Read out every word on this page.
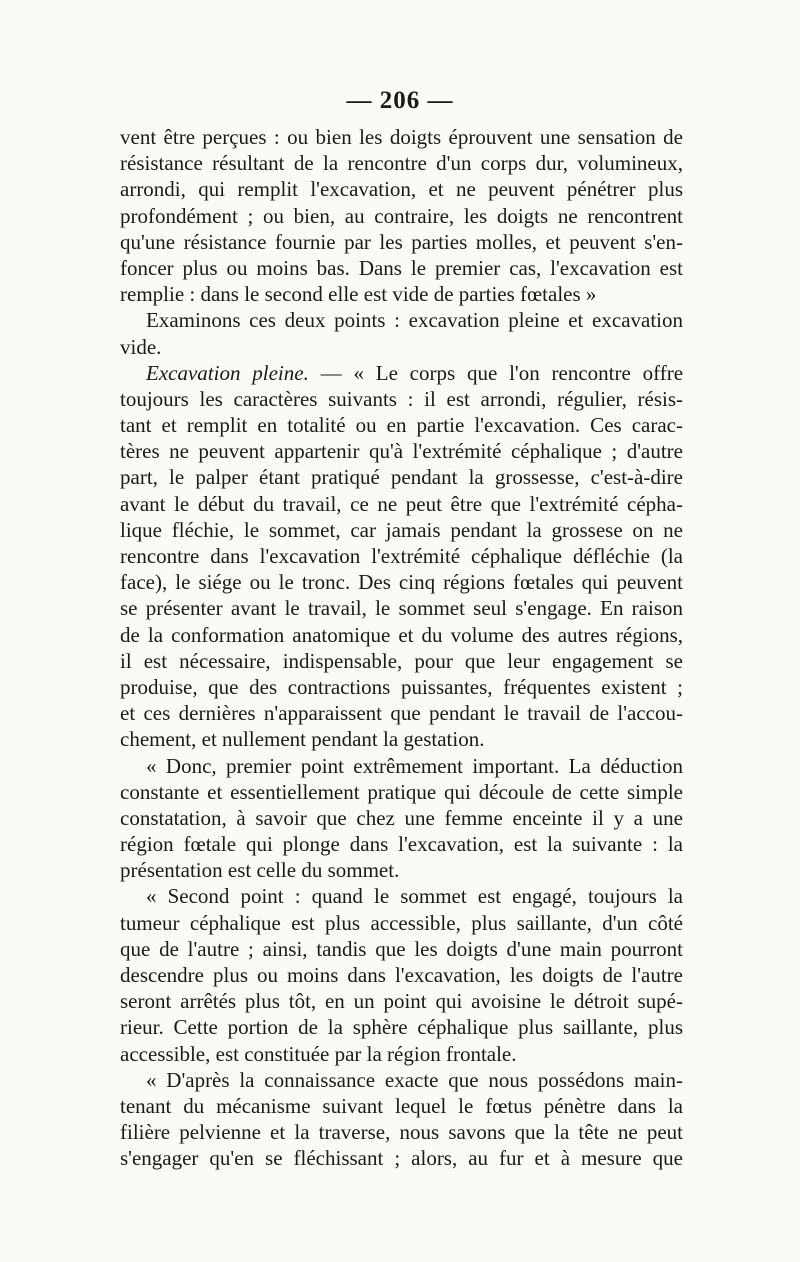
— 206 —
vent être perçues : ou bien les doigts éprouvent une sensation de
résistance résultant de la rencontre d'un corps dur, volumineux,
arrondi, qui remplit l'excavation, et ne peuvent pénétrer plus
profondément ; ou bien, au contraire, les doigts ne rencontrent
qu'une résistance fournie par les parties molles, et peuvent s'en-
foncer plus ou moins bas. Dans le premier cas, l'excavation est
remplie : dans le second elle est vide de parties fœtales »
Examinons ces deux points : excavation pleine et excavation
vide.
Excavation pleine. — « Le corps que l'on rencontre offre
toujours les caractères suivants : il est arrondi, régulier, résis-
tant et remplit en totalité ou en partie l'excavation. Ces carac-
tères ne peuvent appartenir qu'à l'extrémité céphalique ; d'autre
part, le palper étant pratiqué pendant la grossesse, c'est-à-dire
avant le début du travail, ce ne peut être que l'extrémité cépha-
lique fléchie, le sommet, car jamais pendant la grossese on ne
rencontre dans l'excavation l'extrémité céphalique défléchie (la
face), le siége ou le tronc. Des cinq régions fœtales qui peuvent
se présenter avant le travail, le sommet seul s'engage. En raison
de la conformation anatomique et du volume des autres régions,
il est nécessaire, indispensable, pour que leur engagement se
produise, que des contractions puissantes, fréquentes existent ;
et ces dernières n'apparaissent que pendant le travail de l'accou-
chement, et nullement pendant la gestation.
« Donc, premier point extrêmement important. La déduction
constante et essentiellement pratique qui découle de cette simple
constatation, à savoir que chez une femme enceinte il y a une
région fœtale qui plonge dans l'excavation, est la suivante : la
présentation est celle du sommet.
« Second point : quand le sommet est engagé, toujours la
tumeur céphalique est plus accessible, plus saillante, d'un côté
que de l'autre ; ainsi, tandis que les doigts d'une main pourront
descendre plus ou moins dans l'excavation, les doigts de l'autre
seront arrêtés plus tôt, en un point qui avoisine le détroit supé-
rieur. Cette portion de la sphère céphalique plus saillante, plus
accessible, est constituée par la région frontale.
« D'après la connaissance exacte que nous possédons main-
tenant du mécanisme suivant lequel le fœtus pénètre dans la
filière pelvienne et la traverse, nous savons que la tête ne peut
s'engager qu'en se fléchissant ; alors, au fur et à mesure que
